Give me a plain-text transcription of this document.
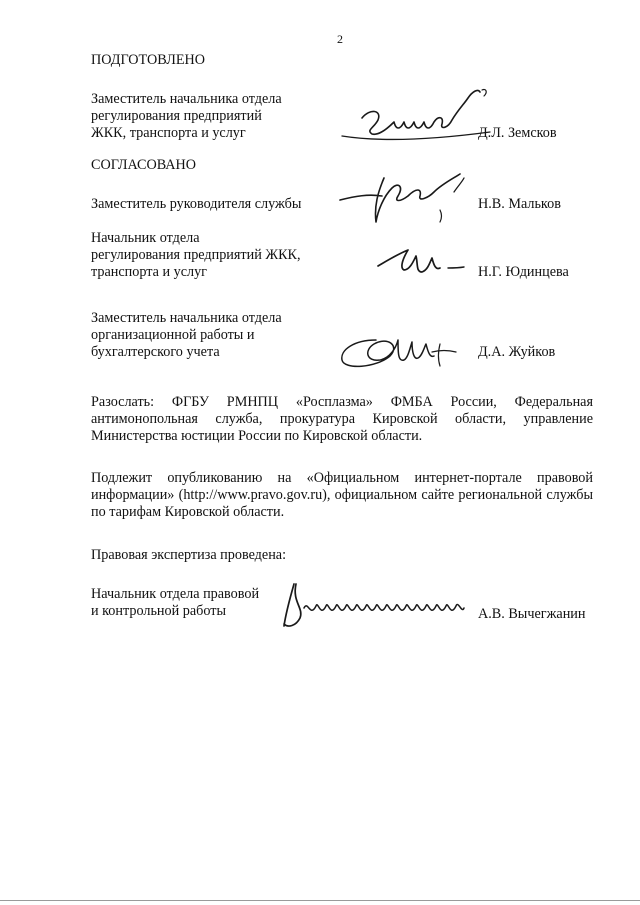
2
ПОДГОТОВЛЕНО
Заместитель начальника отдела
регулирования предприятий
ЖКК, транспорта и услуг	Д.Л. Земсков
СОГЛАСОВАНО
Заместитель руководителя службы	Н.В. Мальков
Начальник отдела
регулирования предприятий ЖКК,
транспорта и услуг	Н.Г. Юдинцева
Заместитель начальника отдела
организационной работы и
бухгалтерского учета	Д.А. Жуйков
Разослать: ФГБУ РМНПЦ «Росплазма» ФМБА России, Федеральная антимонопольная служба, прокуратура Кировской области, управление Министерства юстиции России по Кировской области.
Подлежит опубликованию на «Официальном интернет-портале правовой информации» (http://www.pravo.gov.ru), официальном сайте региональной службы по тарифам Кировской области.
Правовая экспертиза проведена:
Начальник отдела правовой
и контрольной работы	А.В. Вычегжанин
